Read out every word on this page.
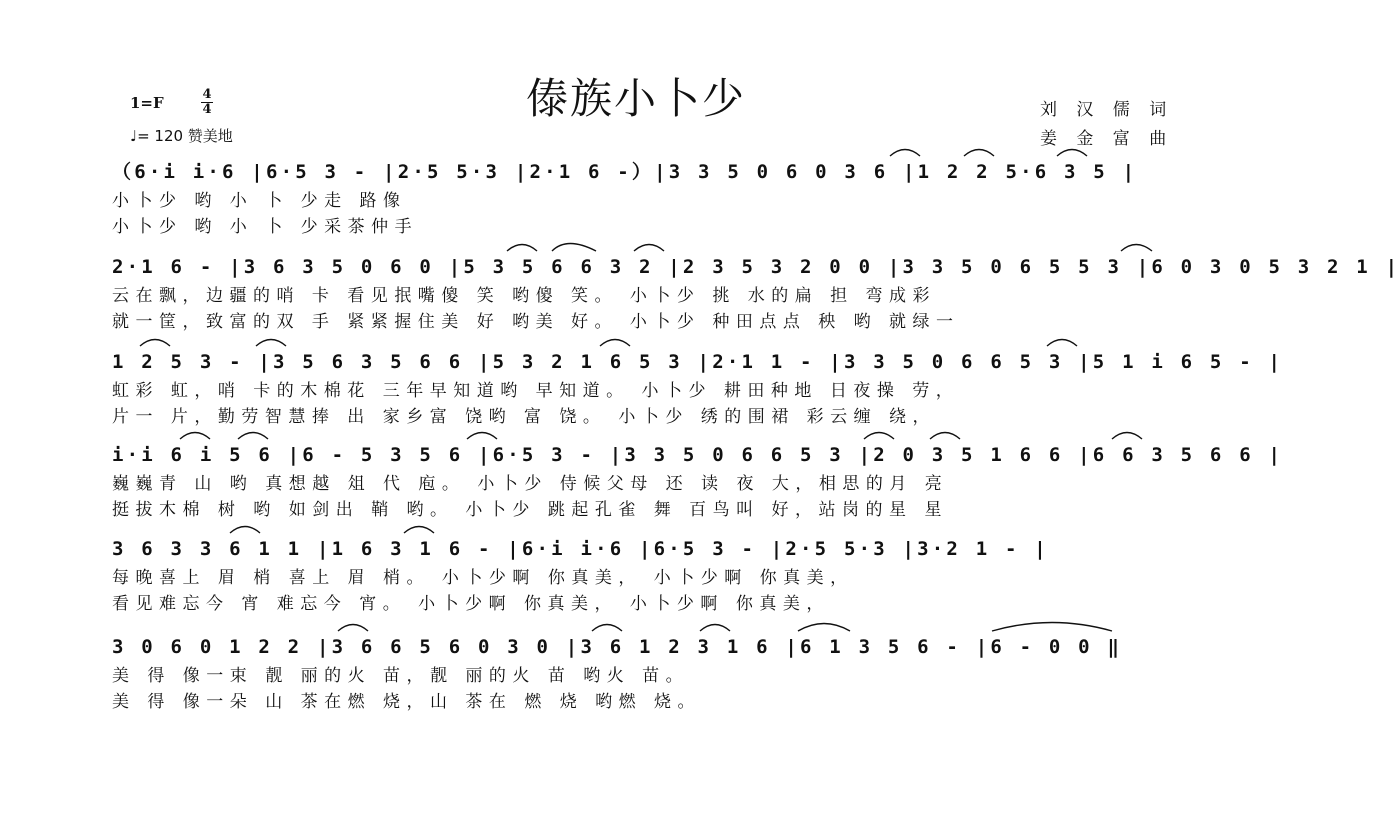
傣族小卜少
1=F	4
4
♩= 120 赞美地
刘 汉 儒 词
姜 金 富 曲
（6·i i·6 |6·5 3 - |2·5 5·3 |2·1 6 -）|3 3 5 0 6 0 3 6 |1 2 2 5·6 3 5 |
小卜少 哟 小 卜 少走 路像
小卜少 哟 小 卜 少采茶仲手
2·1 6 - |3 6 3 5 0 6 0 |5 3 5 6 6 3 2 |2 3 5 3 2 0 0 |3 3 5 0 6 5 5 3 |6 0 3 0 5 3 2 1 |
云在飘，边疆的哨 卡 看见抿嘴傻 笑 哟傻 笑。 小卜少 挑 水的扁 担 弯成彩
就一筐，致富的双 手 紧紧握住美 好 哟美 好。 小卜少 种田点点 秧 哟 就绿一
1 2 5 3 - |3 5 6 3 5 6 6 |5 3 2 1 6 5 3 |2·1 1 - |3 3 5 0 6 6 5 3 |5 1 i 6 5 - |
虹彩 虹，哨 卡的木棉花 三年早知道哟 早知道。 小卜少 耕田种地 日夜操 劳，
片一 片，勤劳智慧捧 出 家乡富 饶哟 富 饶。 小卜少 绣的围裙 彩云缠 绕，
i·i 6 i 5 6 |6 - 5 3 5 6 |6·5 3 - |3 3 5 0 6 6 5 3 |2 0 3 5 1 6 6 |6 6 3 5 6 6 |
巍巍青 山 哟 真想越 俎 代 庖。 小卜少 侍候父母 还 读 夜 大，相思的月 亮
挺拔木棉 树 哟 如剑出 鞘 哟。 小卜少 跳起孔雀 舞 百鸟叫 好，站岗的星 星
3 6 3 3 6 1 1 |1 6 3 1 6 - |6·i i·6 |6·5 3 - |2·5 5·3 |3·2 1 - |
每晚喜上 眉 梢 喜上 眉 梢。 小卜少啊 你真美， 小卜少啊 你真美，
看见难忘今 宵 难忘今 宵。 小卜少啊 你真美， 小卜少啊 你真美，
3 0 6 0 1 2 2 |3 6 6 5 6 0 3 0 |3 6 1 2 3 1 6 |6 1 3 5 6 - |6 - 0 0 ‖
美 得 像一束 靓 丽的火 苗，靓 丽的火 苗 哟火 苗。
美 得 像一朵 山 茶在燃 烧，山 茶在 燃 烧 哟燃 烧。
